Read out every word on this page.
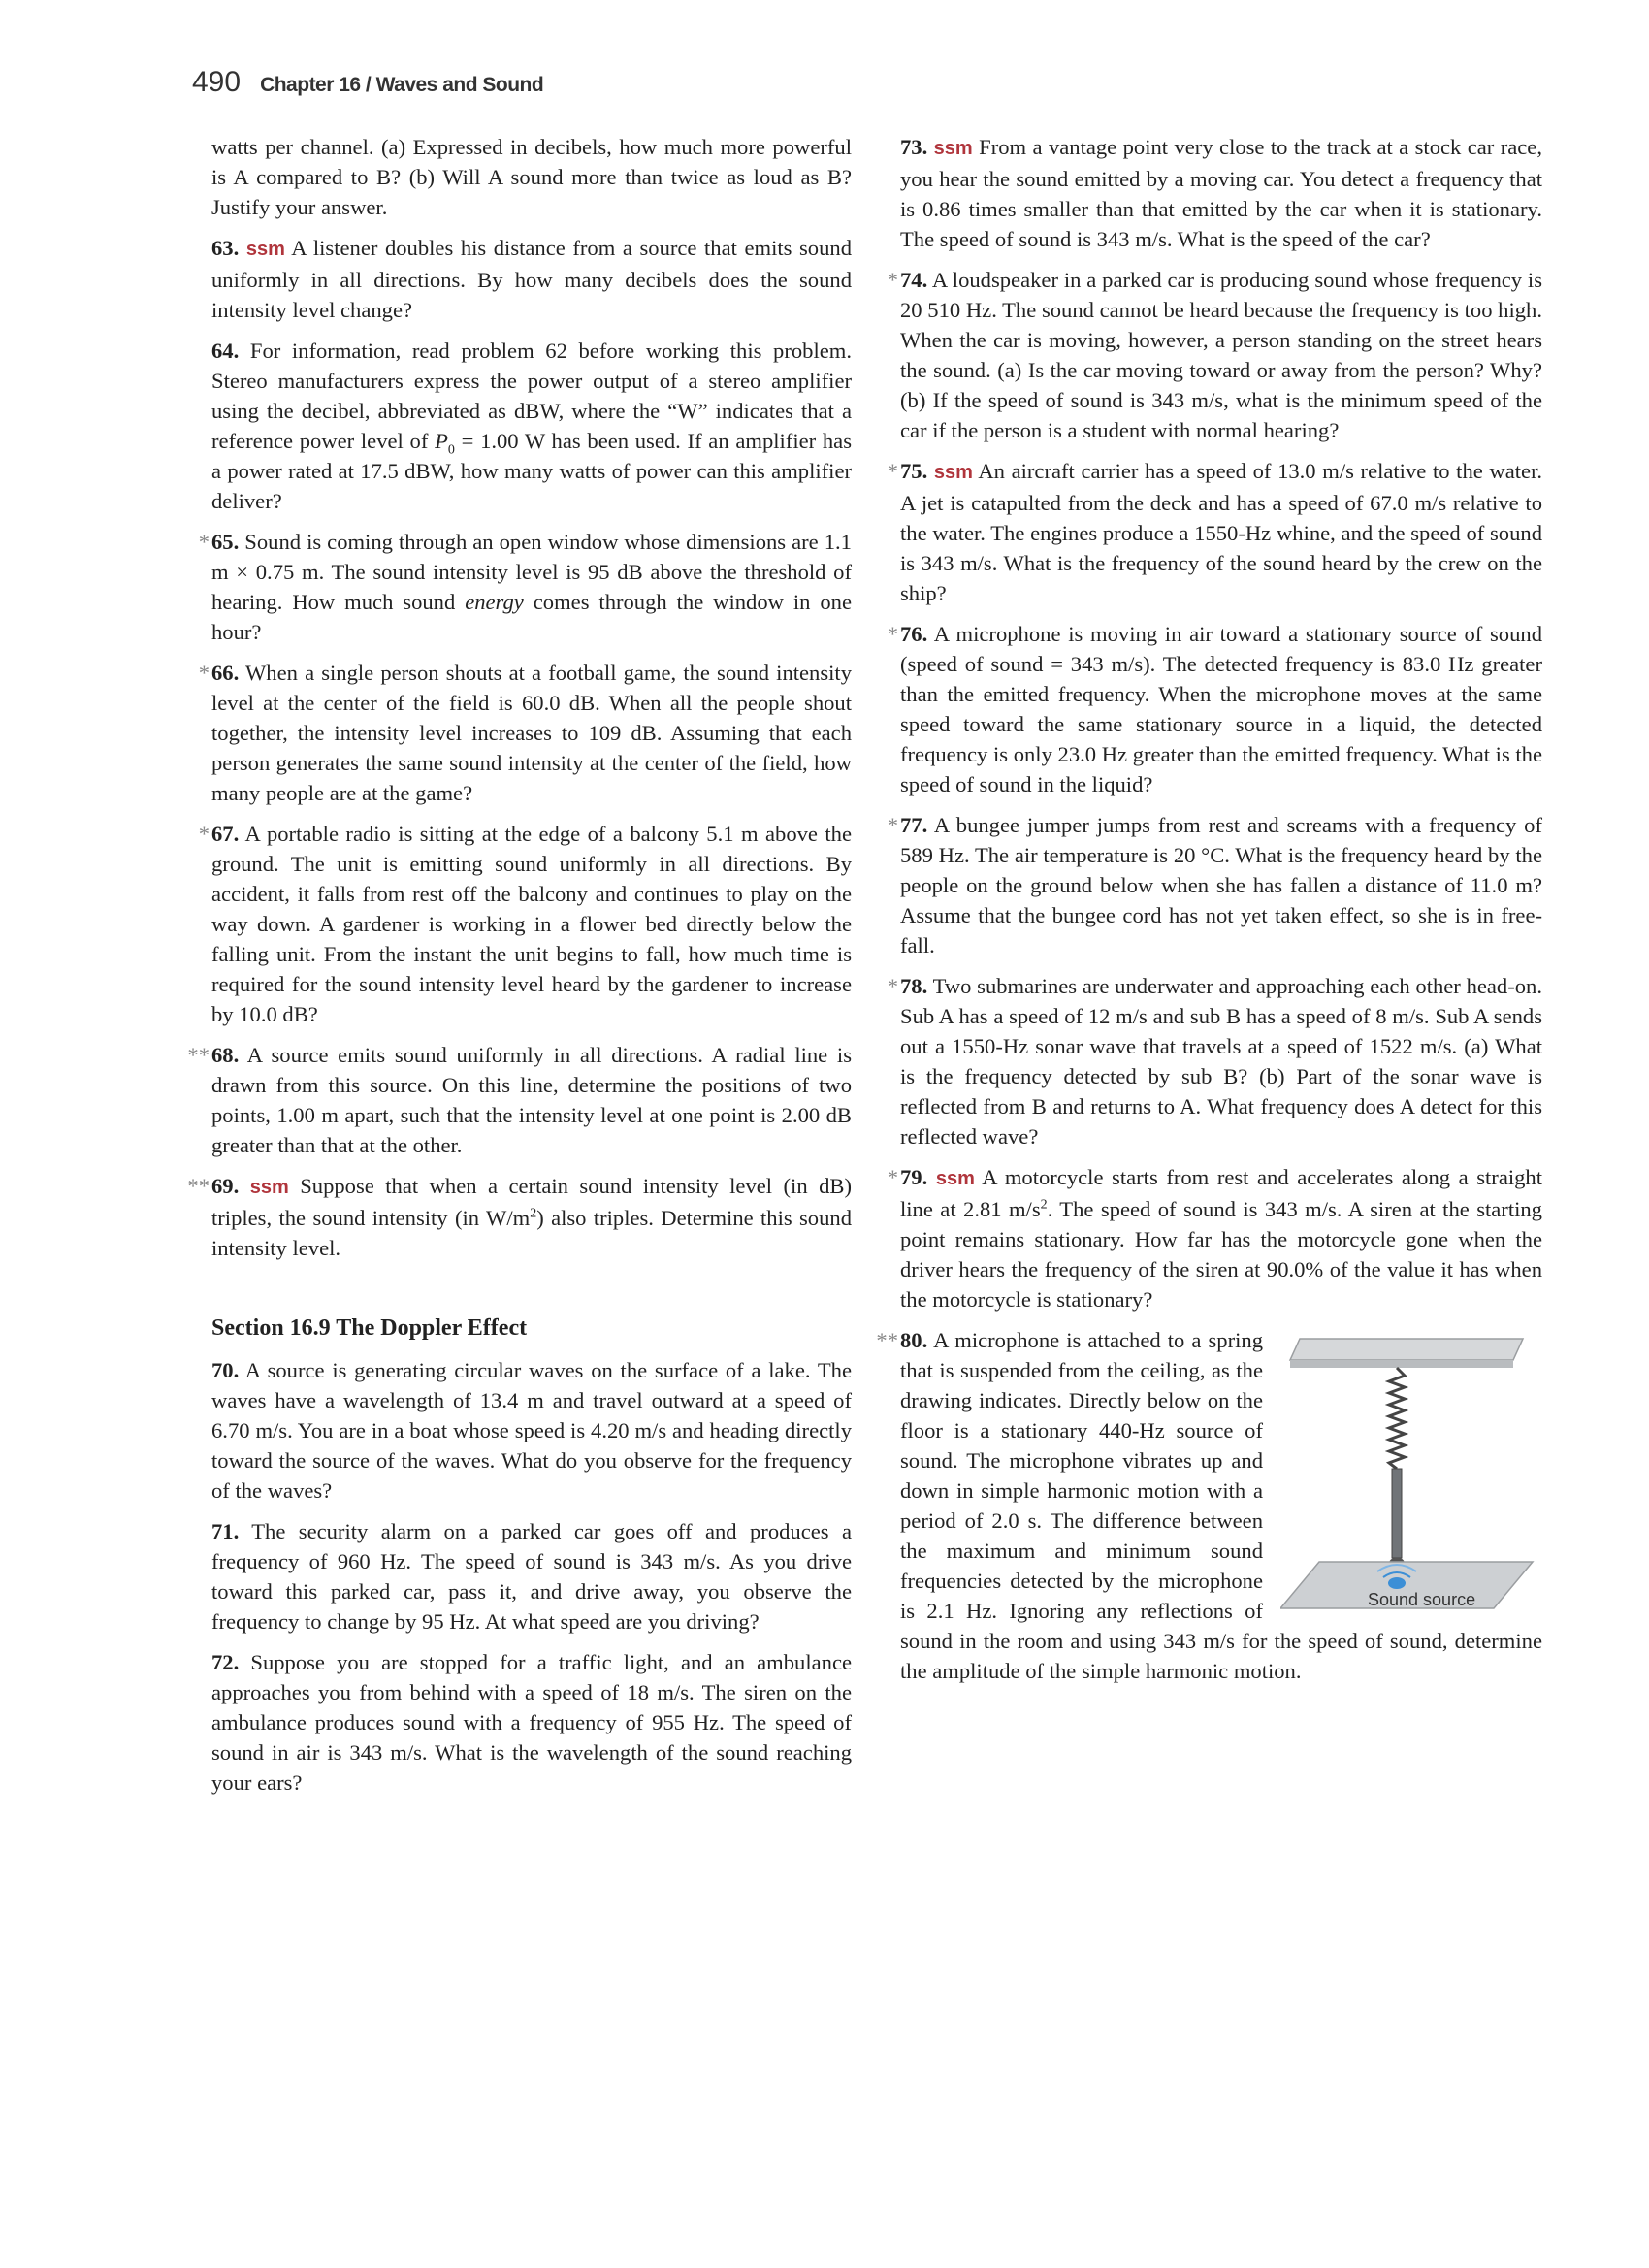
490 Chapter 16 / Waves and Sound

watts per channel. (a) Expressed in decibels, how much more powerful is A compared to B? (b) Will A sound more than twice as loud as B? Justify your answer.

63. ssm A listener doubles his distance from a source that emits sound uniformly in all directions. By how many decibels does the sound intensity level change?

64. For information, read problem 62 before working this problem. Stereo manufacturers express the power output of a stereo amplifier using the decibel, abbreviated as dBW, where the “W” indicates that a reference power level of $P_0 = 1.00$ W has been used. If an amplifier has a power rated at 17.5 dBW, how many watts of power can this amplifier deliver?

* 65. Sound is coming through an open window whose dimensions are 1.1 m × 0.75 m. The sound intensity level is 95 dB above the threshold of hearing. How much sound energy comes through the window in one hour?

* 66. When a single person shouts at a football game, the sound intensity level at the center of the field is 60.0 dB. When all the people shout together, the intensity level increases to 109 dB. Assuming that each person generates the same sound intensity at the center of the field, how many people are at the game?

* 67. A portable radio is sitting at the edge of a balcony 5.1 m above the ground. The unit is emitting sound uniformly in all directions. By accident, it falls from rest off the balcony and continues to play on the way down. A gardener is working in a flower bed directly below the falling unit. From the instant the unit begins to fall, how much time is required for the sound intensity level heard by the gardener to increase by 10.0 dB?

** 68. A source emits sound uniformly in all directions. A radial line is drawn from this source. On this line, determine the positions of two points, 1.00 m apart, such that the intensity level at one point is 2.00 dB greater than that at the other.

** 69. ssm Suppose that when a certain sound intensity level (in dB) triples, the sound intensity (in $W/m^2$) also triples. Determine this sound intensity level.

Section 16.9 The Doppler Effect

70. A source is generating circular waves on the surface of a lake. The waves have a wavelength of 13.4 m and travel outward at a speed of 6.70 m/s. You are in a boat whose speed is 4.20 m/s and heading directly toward the source of the waves. What do you observe for the frequency of the waves?

71. The security alarm on a parked car goes off and produces a frequency of 960 Hz. The speed of sound is 343 m/s. As you drive toward this parked car, pass it, and drive away, you observe the frequency to change by 95 Hz. At what speed are you driving?

72. Suppose you are stopped for a traffic light, and an ambulance approaches you from behind with a speed of 18 m/s. The siren on the ambulance produces sound with a frequency of 955 Hz. The speed of sound in air is 343 m/s. What is the wavelength of the sound reaching your ears?

73. ssm From a vantage point very close to the track at a stock car race, you hear the sound emitted by a moving car. You detect a frequency that is 0.86 times smaller than that emitted by the car when it is stationary. The speed of sound is 343 m/s. What is the speed of the car?

* 74. A loudspeaker in a parked car is producing sound whose frequency is 20 510 Hz. The sound cannot be heard because the frequency is too high. When the car is moving, however, a person standing on the street hears the sound. (a) Is the car moving toward or away from the person? Why? (b) If the speed of sound is 343 m/s, what is the minimum speed of the car if the person is a student with normal hearing?

* 75. ssm An aircraft carrier has a speed of 13.0 m/s relative to the water. A jet is catapulted from the deck and has a speed of 67.0 m/s relative to the water. The engines produce a 1550-Hz whine, and the speed of sound is 343 m/s. What is the frequency of the sound heard by the crew on the ship?

* 76. A microphone is moving in air toward a stationary source of sound (speed of sound = 343 m/s). The detected frequency is 83.0 Hz greater than the emitted frequency. When the microphone moves at the same speed toward the same stationary source in a liquid, the detected frequency is only 23.0 Hz greater than the emitted frequency. What is the speed of sound in the liquid?

* 77. A bungee jumper jumps from rest and screams with a frequency of 589 Hz. The air temperature is 20 °C. What is the frequency heard by the people on the ground below when she has fallen a distance of 11.0 m? Assume that the bungee cord has not yet taken effect, so she is in free-fall.

* 78. Two submarines are underwater and approaching each other head-on. Sub A has a speed of 12 m/s and sub B has a speed of 8 m/s. Sub A sends out a 1550-Hz sonar wave that travels at a speed of 1522 m/s. (a) What is the frequency detected by sub B? (b) Part of the sonar wave is reflected from B and returns to A. What frequency does A detect for this reflected wave?

* 79. ssm A motorcycle starts from rest and accelerates along a straight line at 2.81 $m/s^2$. The speed of sound is 343 m/s. A siren at the starting point remains stationary. How far has the motorcycle gone when the driver hears the frequency of the siren at 90.0% of the value it has when the motorcycle is stationary?

Sound source
** 80. A microphone is attached to a spring that is suspended from the ceiling, as the drawing indicates. Directly below on the floor is a stationary 440-Hz source of sound. The microphone vibrates up and down in simple harmonic motion with a period of 2.0 s. The difference between the maximum and minimum sound frequencies detected by the microphone is 2.1 Hz. Ignoring any reflections of sound in the room and using 343 m/s for the speed of sound, determine the amplitude of the simple harmonic motion.
